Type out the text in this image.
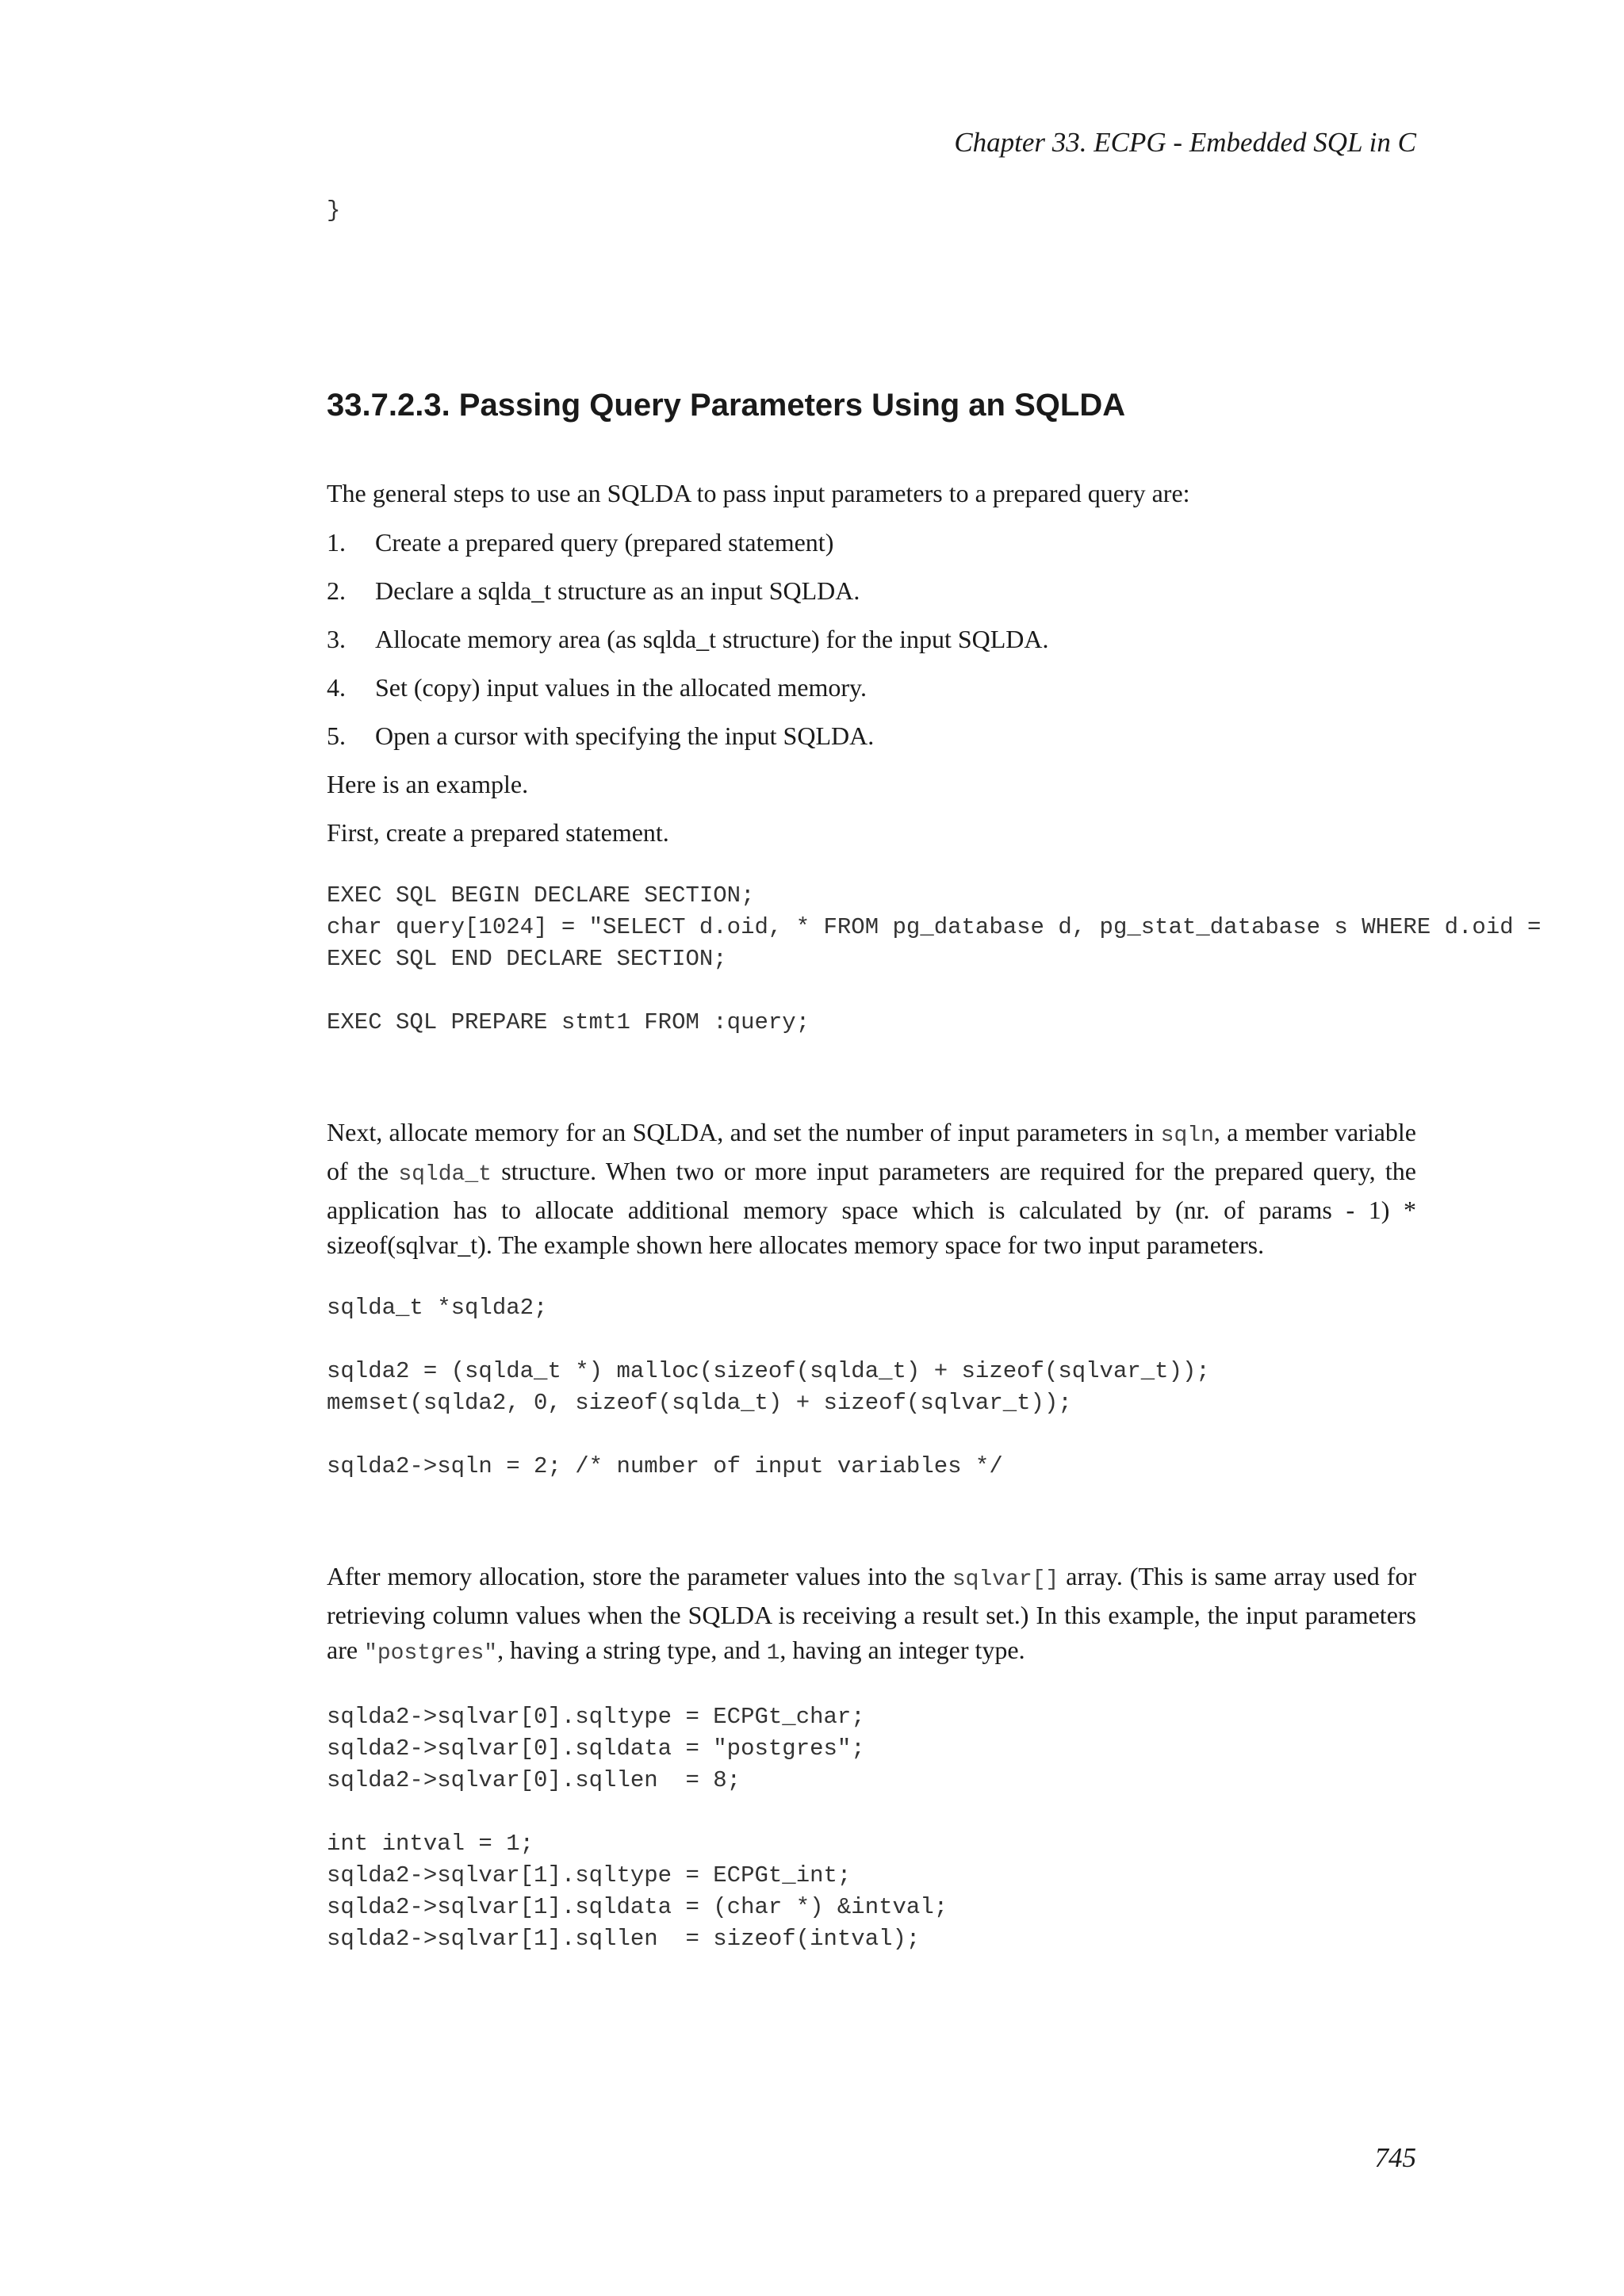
Chapter 33. ECPG - Embedded SQL in C
}
33.7.2.3. Passing Query Parameters Using an SQLDA

The general steps to use an SQLDA to pass input parameters to a prepared query are:

1.	Create a prepared query (prepared statement)
2.	Declare a sqlda_t structure as an input SQLDA.
3.	Allocate memory area (as sqlda_t structure) for the input SQLDA.
4.	Set (copy) input values in the allocated memory.
5.	Open a cursor with specifying the input SQLDA.

Here is an example.

First, create a prepared statement.

EXEC SQL BEGIN DECLARE SECTION;
char query[1024] = "SELECT d.oid, * FROM pg_database d, pg_stat_database s WHERE d.oid =
EXEC SQL END DECLARE SECTION;

EXEC SQL PREPARE stmt1 FROM :query;

Next, allocate memory for an SQLDA, and set the number of input parameters in sqln, a member variable of the sqlda_t structure. When two or more input parameters are required for the prepared query, the application has to allocate additional memory space which is calculated by (nr. of params - 1) * sizeof(sqlvar_t). The example shown here allocates memory space for two input parameters.

sqlda_t *sqlda2;

sqlda2 = (sqlda_t *) malloc(sizeof(sqlda_t) + sizeof(sqlvar_t));
memset(sqlda2, 0, sizeof(sqlda_t) + sizeof(sqlvar_t));

sqlda2->sqln = 2; /* number of input variables */

After memory allocation, store the parameter values into the sqlvar[] array. (This is same array used for retrieving column values when the SQLDA is receiving a result set.) In this example, the input parameters are "postgres", having a string type, and 1, having an integer type.

sqlda2->sqlvar[0].sqltype = ECPGt_char;
sqlda2->sqlvar[0].sqldata = "postgres";
sqlda2->sqlvar[0].sqllen  = 8;

int intval = 1;
sqlda2->sqlvar[1].sqltype = ECPGt_int;
sqlda2->sqlvar[1].sqldata = (char *) &intval;
sqlda2->sqlvar[1].sqllen  = sizeof(intval);
745
